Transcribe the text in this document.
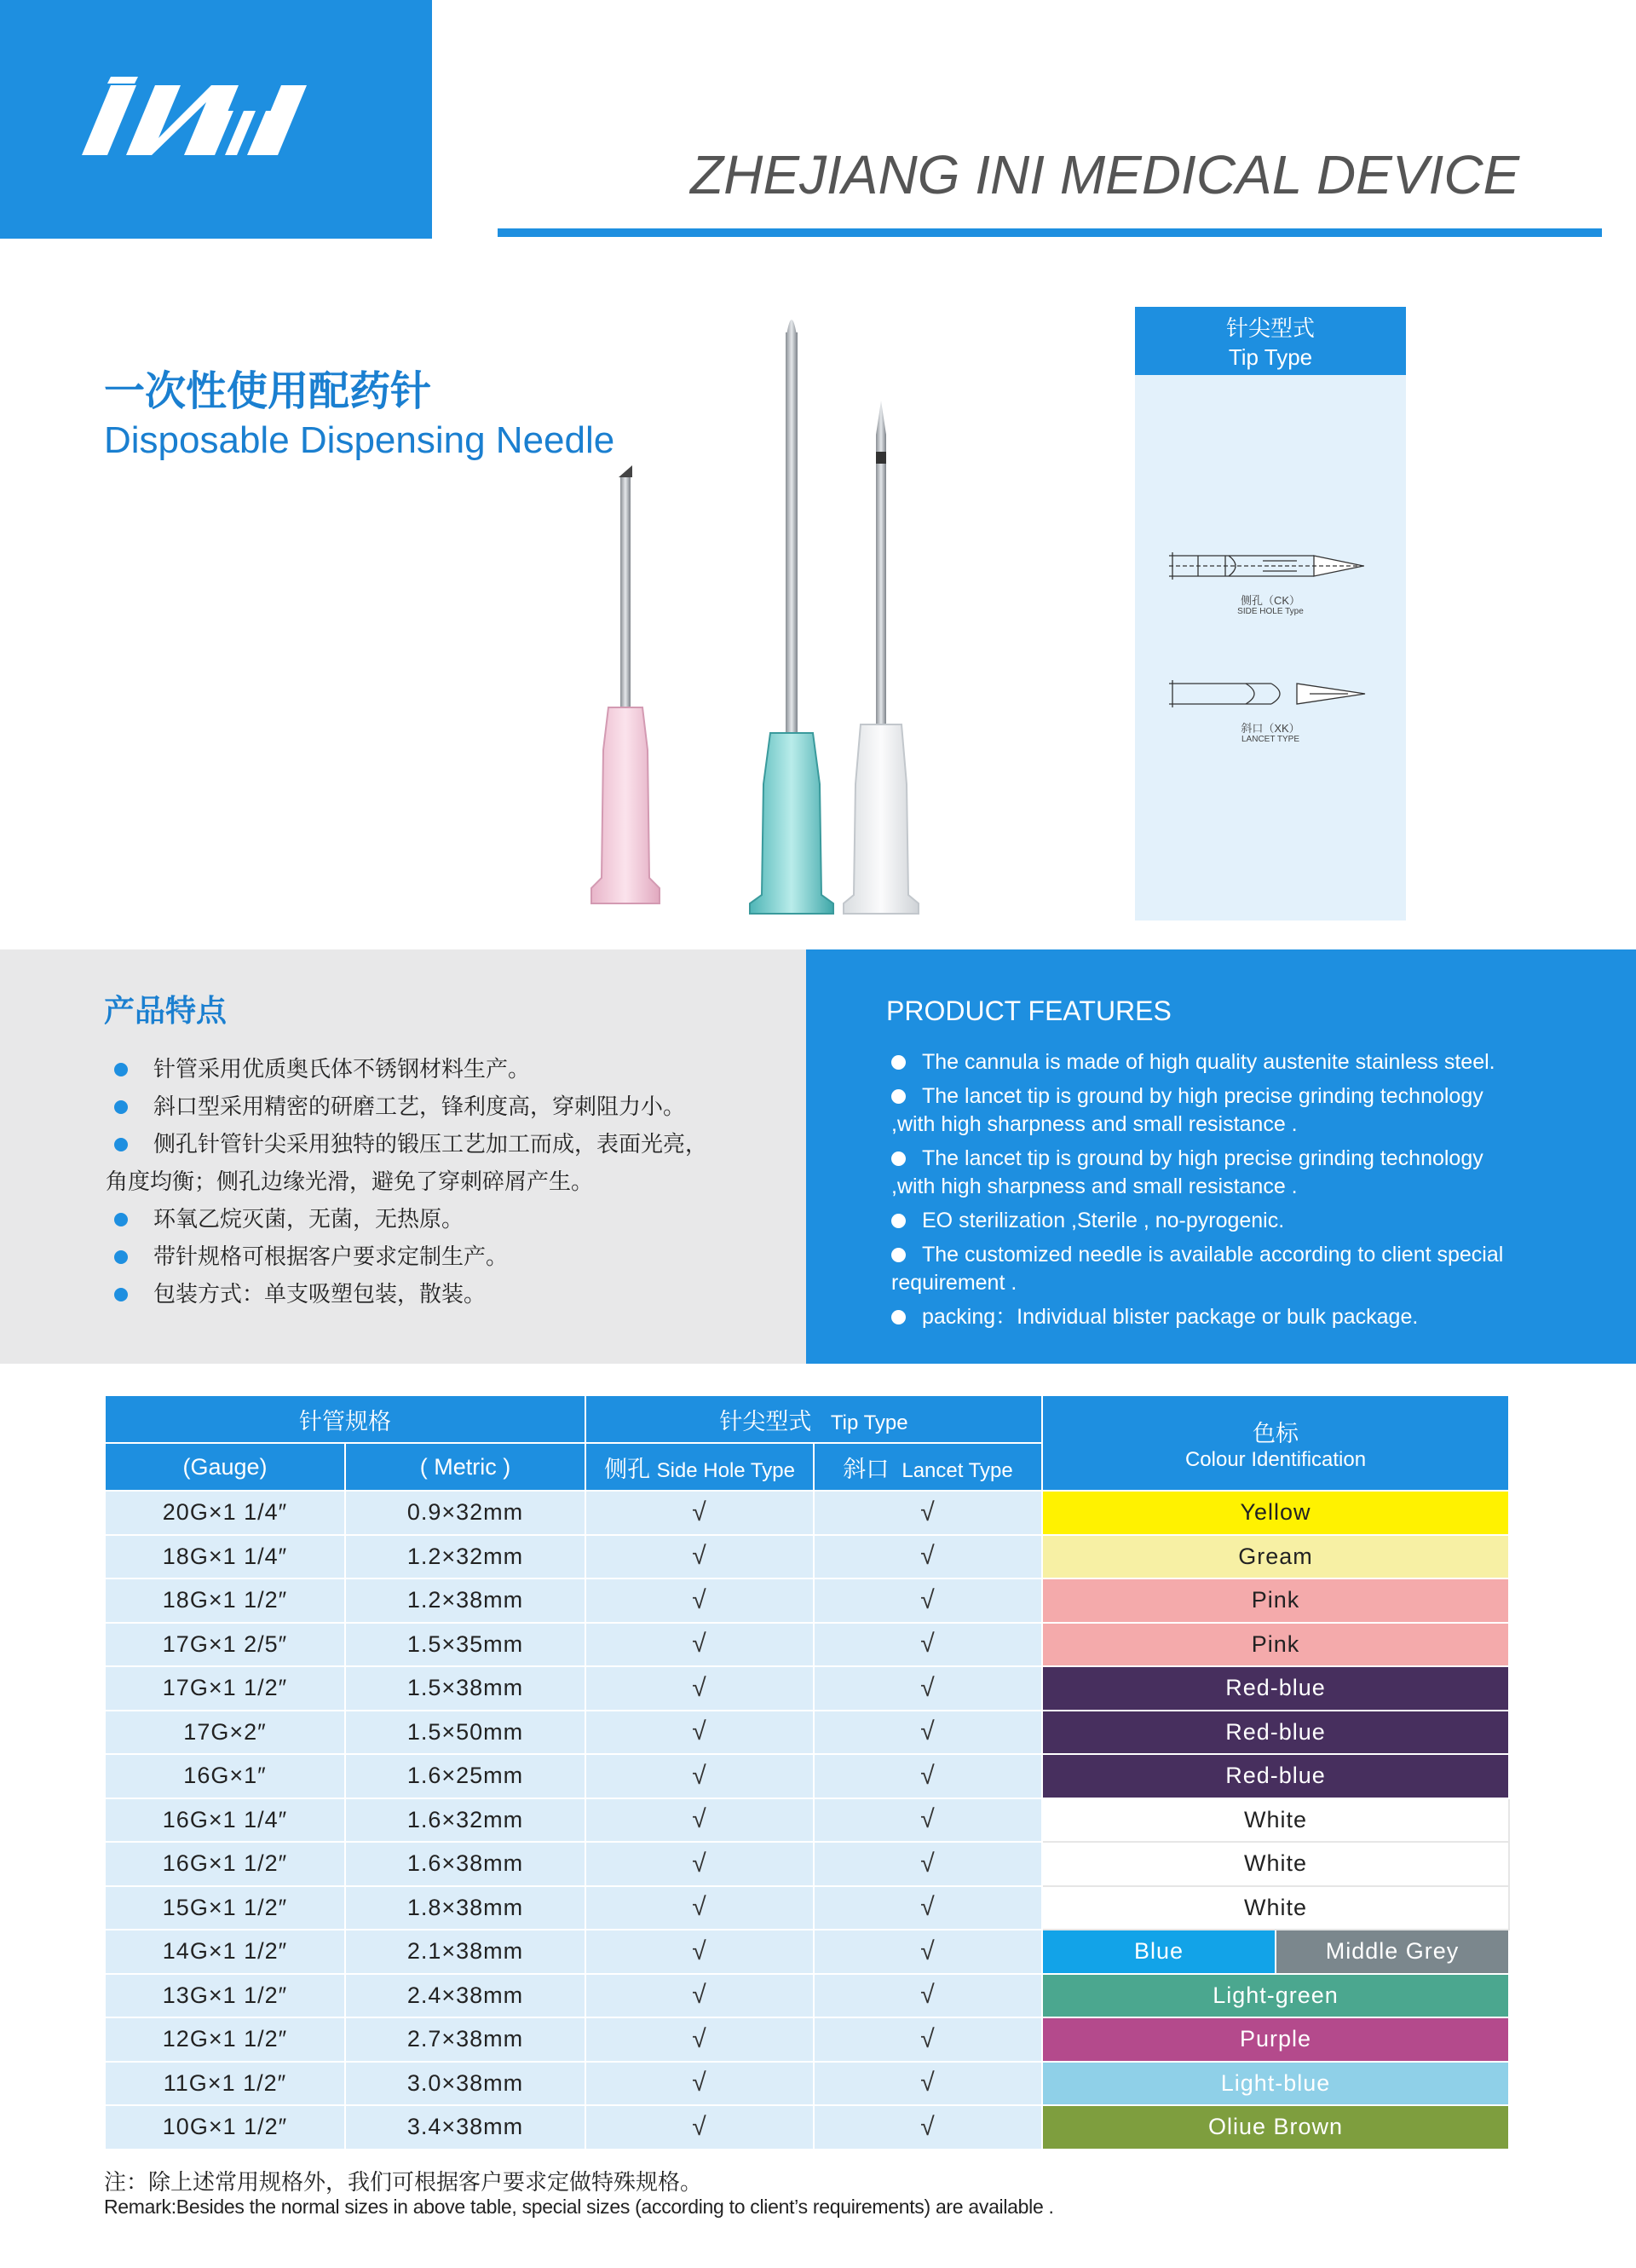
ZHEJIANG INI MEDICAL DEVICE
一次性使用配药针
Disposable Dispensing Needle
针尖型式
Tip Type
侧孔（CK）
SIDE HOLE Type
斜口（XK）
LANCET TYPE
产品特点	PRODUCT FEATURES
针管采用优质奥氏体不锈钢材料生产。
斜口型采用精密的研磨工艺，锋利度高，穿刺阻力小。
侧孔针管针尖采用独特的锻压工艺加工而成，表面光亮，
角度均衡；侧孔边缘光滑，避免了穿刺碎屑产生。
环氧乙烷灭菌，无菌，无热原。
带针规格可根据客户要求定制生产。
包装方式：单支吸塑包装，散装。
The cannula is made of high quality austenite stainless steel.
The lancet tip is ground by high precise grinding technology
,with high sharpness and small resistance .
The lancet tip is ground by high precise grinding technology
,with high sharpness and small resistance .
EO sterilization ,Sterile , no-pyrogenic.
The customized needle is available according to client special
requirement .
packing：Individual blister package or bulk package.
针管规格		针尖型式 Tip Type		色标
Colour Identification

(Gauge)	( Metric )	侧孔 Side Hole Type	斜口 Lancet Type	
20G×1 1/4″	0.9×32mm	√	√	Yellow
18G×1 1/4″	1.2×32mm	√	√	Gream
18G×1 1/2″	1.2×38mm	√	√	Pink
17G×1 2/5″	1.5×35mm	√	√	Pink
17G×1 1/2″	1.5×38mm	√	√	Red-blue
17G×2″	1.5×50mm	√	√	Red-blue
16G×1″	1.6×25mm	√	√	Red-blue
16G×1 1/4″	1.6×32mm	√	√	White
16G×1 1/2″	1.6×38mm	√	√	White
15G×1 1/2″	1.8×38mm	√	√	White
14G×1 1/2″	2.1×38mm	√	√	Blue Middle Grey

13G×1 1/2″	2.4×38mm	√	√	Light-green
12G×1 1/2″	2.7×38mm	√	√	Purple
11G×1 1/2″	3.0×38mm	√	√	Light-blue
10G×1 1/2″	3.4×38mm	√	√	Oliue Brown
注：除上述常用规格外，我们可根据客户要求定做特殊规格。
Remark:Besides the normal sizes in above table, special sizes (according to client’s requirements) are available .
